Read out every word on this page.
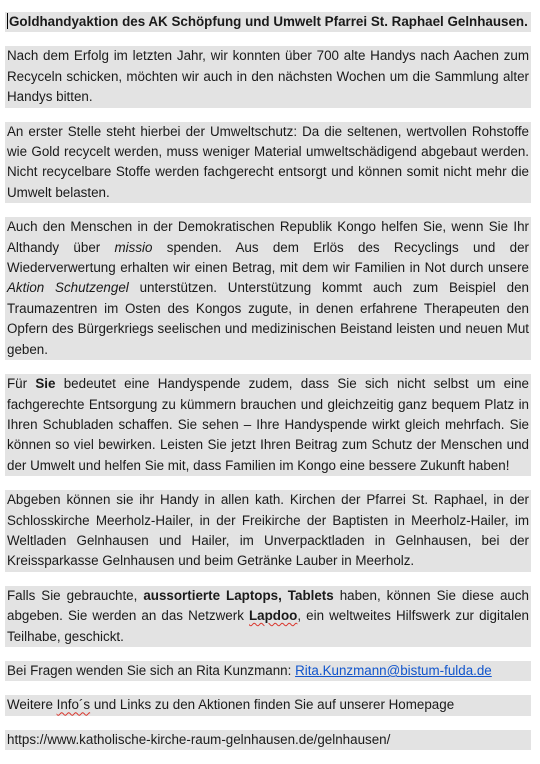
Goldhandyaktion des AK Schöpfung und Umwelt Pfarrei St. Raphael Gelnhausen.

Nach dem Erfolg im letzten Jahr, wir konnten über 700 alte Handys nach Aachen zum Recyceln schicken, möchten wir auch in den nächsten Wochen um die Sammlung alter Handys bitten.

An erster Stelle steht hierbei der Umweltschutz: Da die seltenen, wertvollen Rohstoffe wie Gold recycelt werden, muss weniger Material umweltschädigend abgebaut werden. Nicht recycelbare Stoffe werden fachgerecht entsorgt und können somit nicht mehr die Umwelt belasten.

Auch den Menschen in der Demokratischen Republik Kongo helfen Sie, wenn Sie Ihr Althandy über missio spenden. Aus dem Erlös des Recyclings und der Wiederverwertung erhalten wir einen Betrag, mit dem wir Familien in Not durch unsere Aktion Schutzengel unterstützen. Unterstützung kommt auch zum Beispiel den Traumazentren im Osten des Kongos zugute, in denen erfahrene Therapeuten den Opfern des Bürgerkriegs seelischen und medizinischen Beistand leisten und neuen Mut geben.

Für Sie bedeutet eine Handyspende zudem, dass Sie sich nicht selbst um eine fachgerechte Entsorgung zu kümmern brauchen und gleichzeitig ganz bequem Platz in Ihren Schubladen schaffen. Sie sehen – Ihre Handyspende wirkt gleich mehrfach. Sie können so viel bewirken. Leisten Sie jetzt Ihren Beitrag zum Schutz der Menschen und der Umwelt und helfen Sie mit, dass Familien im Kongo eine bessere Zukunft haben!

Abgeben können sie ihr Handy in allen kath. Kirchen der Pfarrei St. Raphael, in der Schlosskirche Meerholz-Hailer, in der Freikirche der Baptisten in Meerholz-Hailer, im Weltladen Gelnhausen und Hailer, im Unverpacktladen in Gelnhausen, bei der Kreissparkasse Gelnhausen und beim Getränke Lauber in Meerholz.

Falls Sie gebrauchte, aussortierte Laptops, Tablets haben, können Sie diese auch abgeben. Sie werden an das Netzwerk Lapdoo, ein weltweites Hilfswerk zur digitalen Teilhabe, geschickt.

Bei Fragen wenden Sie sich an Rita Kunzmann: Rita.Kunzmann@bistum-fulda.de

Weitere Info´s und Links zu den Aktionen finden Sie auf unserer Homepage

https://www.katholische-kirche-raum-gelnhausen.de/gelnhausen/
